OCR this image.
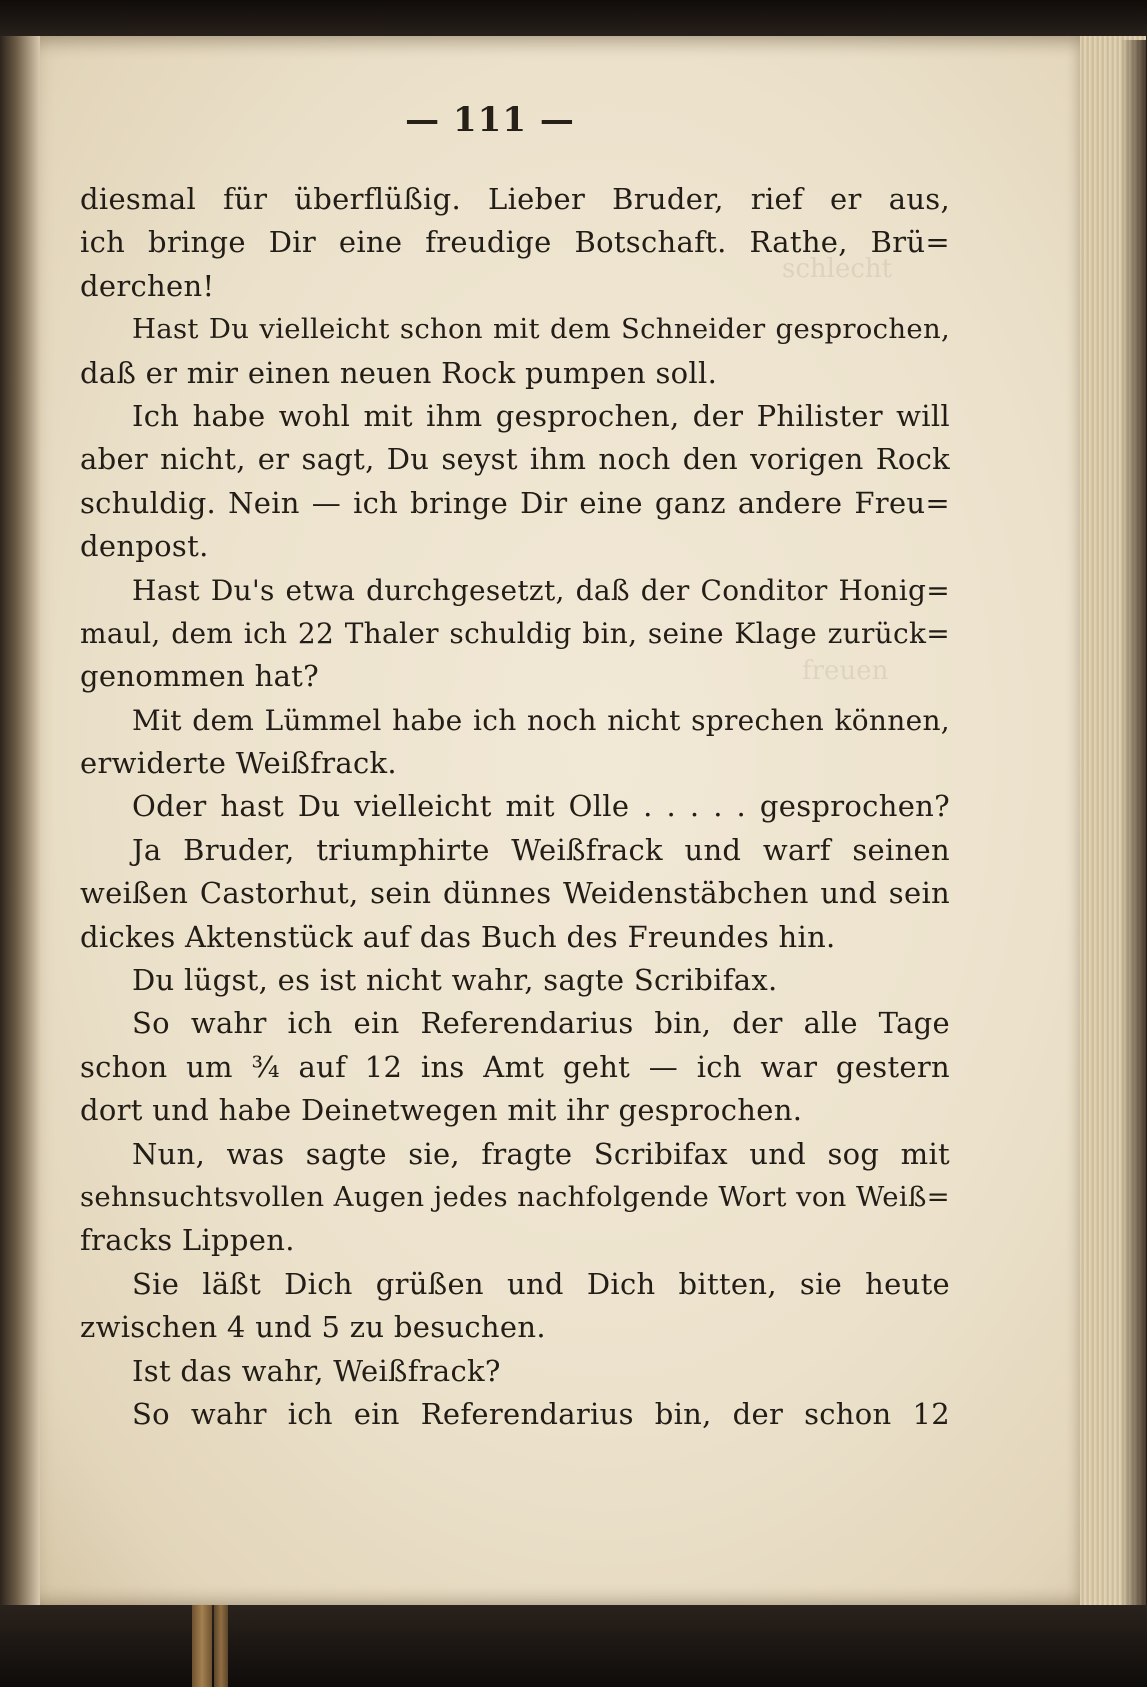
schlecht
freuen
— 111 —
diesmal für überflüßig. Lieber Bruder, rief er aus,
ich bringe Dir eine freudige Botschaft. Rathe, Brü=
derchen!
Hast Du vielleicht schon mit dem Schneider gesprochen,
daß er mir einen neuen Rock pumpen soll.
Ich habe wohl mit ihm gesprochen, der Philister will
aber nicht, er sagt, Du seyst ihm noch den vorigen Rock
schuldig. Nein — ich bringe Dir eine ganz andere Freu=
denpost.
Hast Du's etwa durchgesetzt, daß der Conditor Honig=
maul, dem ich 22 Thaler schuldig bin, seine Klage zurück=
genommen hat?
Mit dem Lümmel habe ich noch nicht sprechen können,
erwiderte Weißfrack.
Oder hast Du vielleicht mit Olle . . . . . gesprochen?
Ja Bruder, triumphirte Weißfrack und warf seinen
weißen Castorhut, sein dünnes Weidenstäbchen und sein
dickes Aktenstück auf das Buch des Freundes hin.
Du lügst, es ist nicht wahr, sagte Scribifax.
So wahr ich ein Referendarius bin, der alle Tage
schon um ¾ auf 12 ins Amt geht — ich war gestern
dort und habe Deinetwegen mit ihr gesprochen.
Nun, was sagte sie, fragte Scribifax und sog mit
sehnsuchtsvollen Augen jedes nachfolgende Wort von Weiß=
fracks Lippen.
Sie läßt Dich grüßen und Dich bitten, sie heute
zwischen 4 und 5 zu besuchen.
Ist das wahr, Weißfrack?
So wahr ich ein Referendarius bin, der schon 12
